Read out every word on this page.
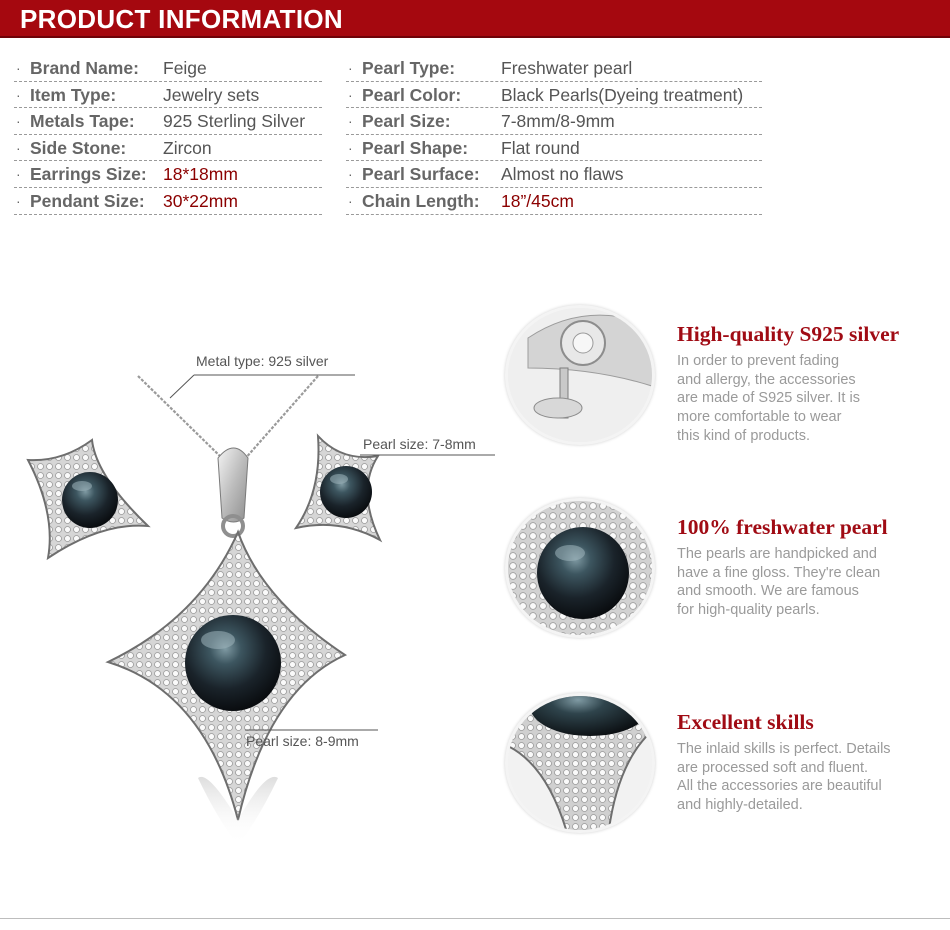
PRODUCT INFORMATION
· Brand Name: Feige
· Item Type:	Jewelry sets
· Metals Tape: 925 Sterling Silver
· Side Stone: Zircon
· Earrings Size: 18*18mm
· Pendant Size: 30*22mm
· Pearl Type:	Freshwater pearl
· Pearl Color: Black Pearls(Dyeing treatment)
· Pearl Size:	7-8mm/8-9mm
· Pearl Shape: Flat round
· Pearl Surface: Almost no flaws
· Chain Length: 18”/45cm
Metal type: 925 silver
Pearl size: 7-8mm
Pearl size: 8-9mm
High-quality S925 silver
In order to prevent fading
and allergy, the accessories
are made of S925 silver. It is
more comfortable to wear
this kind of products.
100% freshwater pearl
The pearls are handpicked and
have a fine gloss. They're clean
and smooth. We are famous
for high-quality pearls.
Excellent skills
The inlaid skills is perfect. Details
are processed soft and fluent.
All the accessories are beautiful
and highly-detailed.
